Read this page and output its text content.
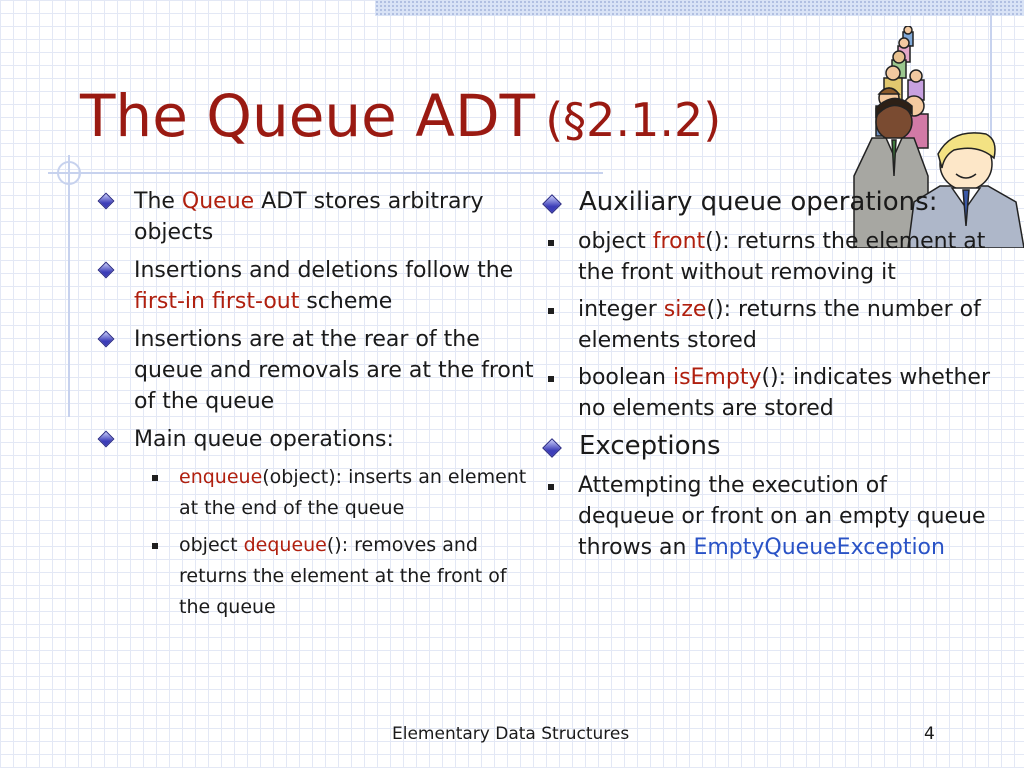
The Queue ADT (§2.1.2)
The Queue ADT stores arbitrary objects
Insertions and deletions follow the first-in first-out scheme
Insertions are at the rear of the queue and removals are at the front of the queue
Main queue operations:
enqueue(object): inserts an element at the end of the queue
object dequeue(): removes and returns the element at the front of the queue
Auxiliary queue operations:
object front(): returns the element at the front without removing it
integer size(): returns the number of elements stored
boolean isEmpty(): indicates whether no elements are stored
Exceptions
Attempting the execution of dequeue or front on an empty queue throws an EmptyQueueException
Elementary Data Structures	4
